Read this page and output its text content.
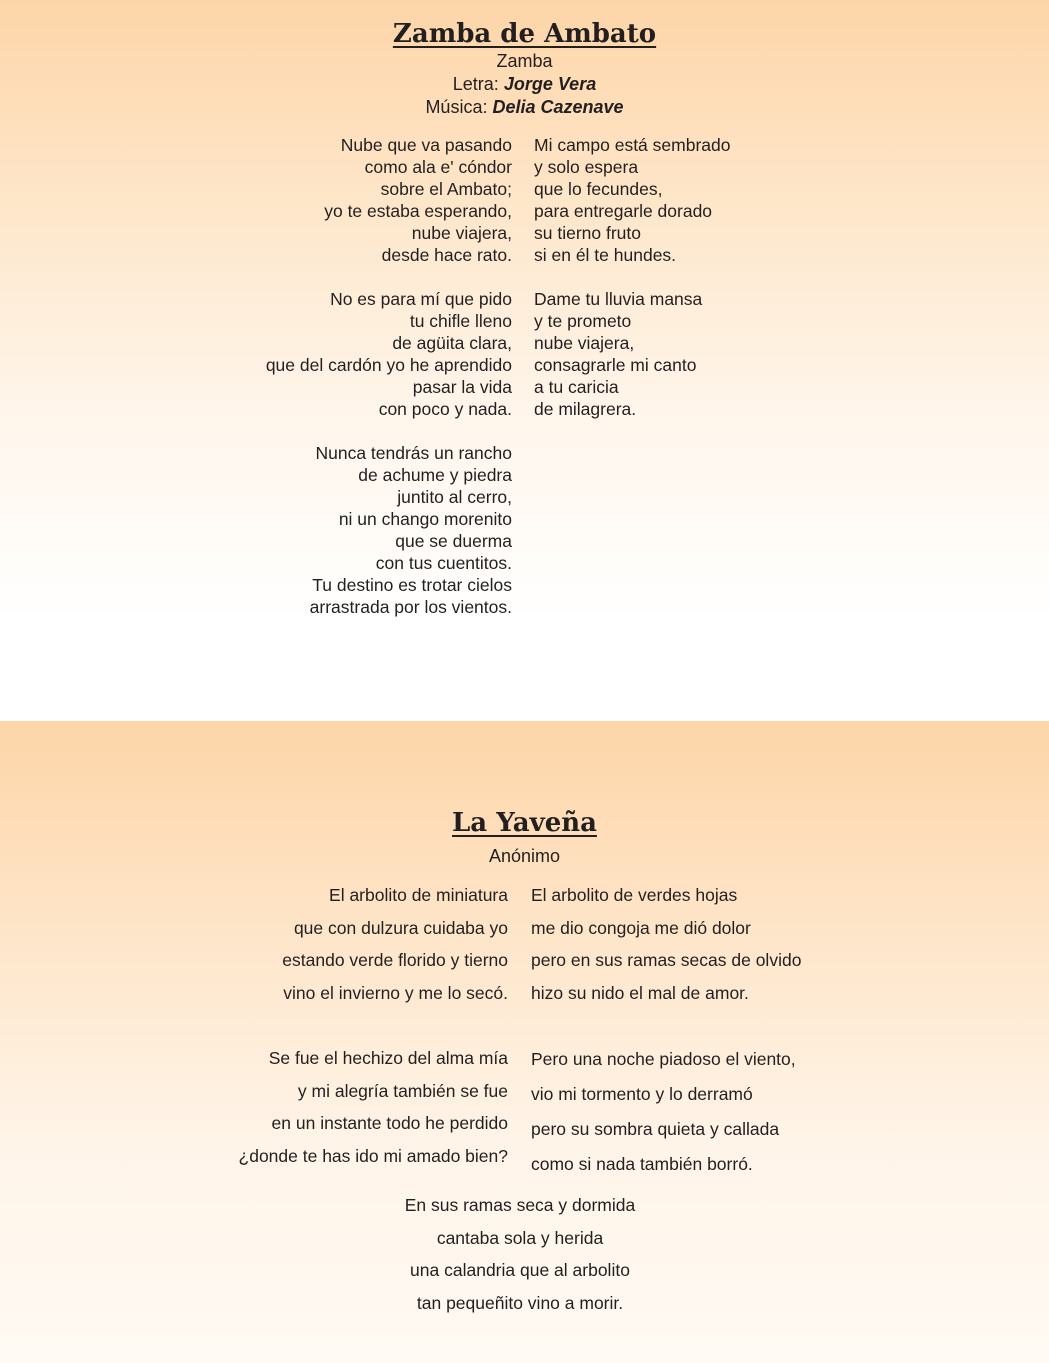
Zamba de Ambato
Zamba
Letra: Jorge Vera
Música: Delia Cazenave
Nube que va pasando
como ala e' cóndor
sobre el Ambato;
yo te estaba esperando,
nube viajera,
desde hace rato.
No es para mí que pido
tu chifle lleno
de agüita clara,
que del cardón yo he aprendido
pasar la vida
con poco y nada.
Nunca tendrás un rancho
de achume y piedra
juntito al cerro,
ni un chango morenito
que se duerma
con tus cuentitos.
Tu destino es trotar cielos
arrastrada por los vientos.
Mi campo está sembrado
y solo espera
que lo fecundes,
para entregarle dorado
su tierno fruto
si en él te hundes.
Dame tu lluvia mansa
y te prometo
nube viajera,
consagrarle mi canto
a tu caricia
de milagrera.
La Yaveña
Anónimo
El arbolito de miniatura
que con dulzura cuidaba yo
estando verde florido y tierno
vino el invierno y me lo secó.
Se fue el hechizo del alma mía
y mi alegría también se fue
en un instante todo he perdido
¿donde te has ido mi amado bien?
El arbolito de verdes hojas
me dio congoja me dió dolor
pero en sus ramas secas de olvido
hizo su nido el mal de amor.
Pero una noche piadoso el viento,
vio mi tormento y lo derramó
pero su sombra quieta y callada
como si nada también borró.
En sus ramas seca y dormida
cantaba sola y herida
una calandria que al arbolito
tan pequeñito vino a morir.
